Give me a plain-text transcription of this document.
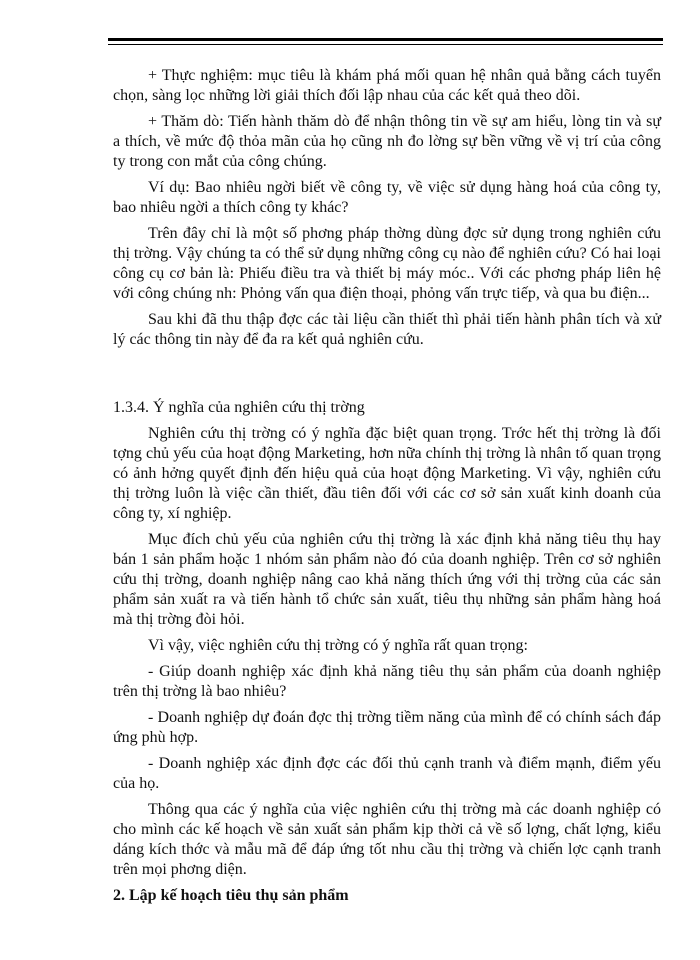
+ Thực nghiệm: mục tiêu là khám phá mối quan hệ nhân quả bằng cách tuyển chọn, sàng lọc những lời giải thích đối lập nhau của các kết quả theo dõi.

+ Thăm dò: Tiến hành thăm dò để nhận thông tin về sự am hiểu, lòng tin và sự a thích, về mức độ thỏa mãn của họ cũng nh đo lờng sự bền vững về vị trí của công ty trong con mắt của công chúng.

Ví dụ: Bao nhiêu ngời biết về công ty, về việc sử dụng hàng hoá của công ty, bao nhiêu ngời a thích công ty khác?

Trên đây chỉ là một số phơng pháp thờng dùng đợc sử dụng trong nghiên cứu thị trờng. Vậy chúng ta có thể sử dụng những công cụ nào để nghiên cứu? Có hai loại công cụ cơ bản là: Phiếu điều tra và thiết bị máy móc.. Với các phơng pháp liên hệ với công chúng nh: Phỏng vấn qua điện thoại, phỏng vấn trực tiếp, và qua bu điện...

Sau khi đã thu thập đợc các tài liệu cần thiết thì phải tiến hành phân tích và xử lý các thông tin này để đa ra kết quả nghiên cứu.

1.3.4. Ý nghĩa của nghiên cứu thị trờng

Nghiên cứu thị trờng có ý nghĩa đặc biệt quan trọng. Trớc hết thị trờng là đối tợng chủ yếu của hoạt động Marketing, hơn nữa chính thị trờng là nhân tố quan trọng có ảnh hởng quyết định đến hiệu quả của hoạt động Marketing. Vì vậy, nghiên cứu thị trờng luôn là việc cần thiết, đầu tiên đối với các cơ sở sản xuất kinh doanh của công ty, xí nghiệp.

Mục đích chủ yếu của nghiên cứu thị trờng là xác định khả năng tiêu thụ hay bán 1 sản phẩm hoặc 1 nhóm sản phẩm nào đó của doanh nghiệp. Trên cơ sở nghiên cứu thị trờng, doanh nghiệp nâng cao khả năng thích ứng với thị trờng của các sản phẩm sản xuất ra và tiến hành tổ chức sản xuất, tiêu thụ những sản phẩm hàng hoá mà thị trờng đòi hỏi.

Vì vậy, việc nghiên cứu thị trờng có ý nghĩa rất quan trọng:

- Giúp doanh nghiệp xác định khả năng tiêu thụ sản phẩm của doanh nghiệp trên thị trờng là bao nhiêu?

- Doanh nghiệp dự đoán đợc thị trờng tiềm năng của mình để có chính sách đáp ứng phù hợp.

- Doanh nghiệp xác định đợc các đối thủ cạnh tranh và điểm mạnh, điểm yếu của họ.

Thông qua các ý nghĩa của việc nghiên cứu thị trờng mà các doanh nghiệp có cho mình các kế hoạch về sản xuất sản phẩm kịp thời cả về số lợng, chất lợng, kiểu dáng kích thớc và mẫu mã để đáp ứng tốt nhu cầu thị trờng và chiến lợc cạnh tranh trên mọi phơng diện.

2. Lập kế hoạch tiêu thụ sản phẩm
